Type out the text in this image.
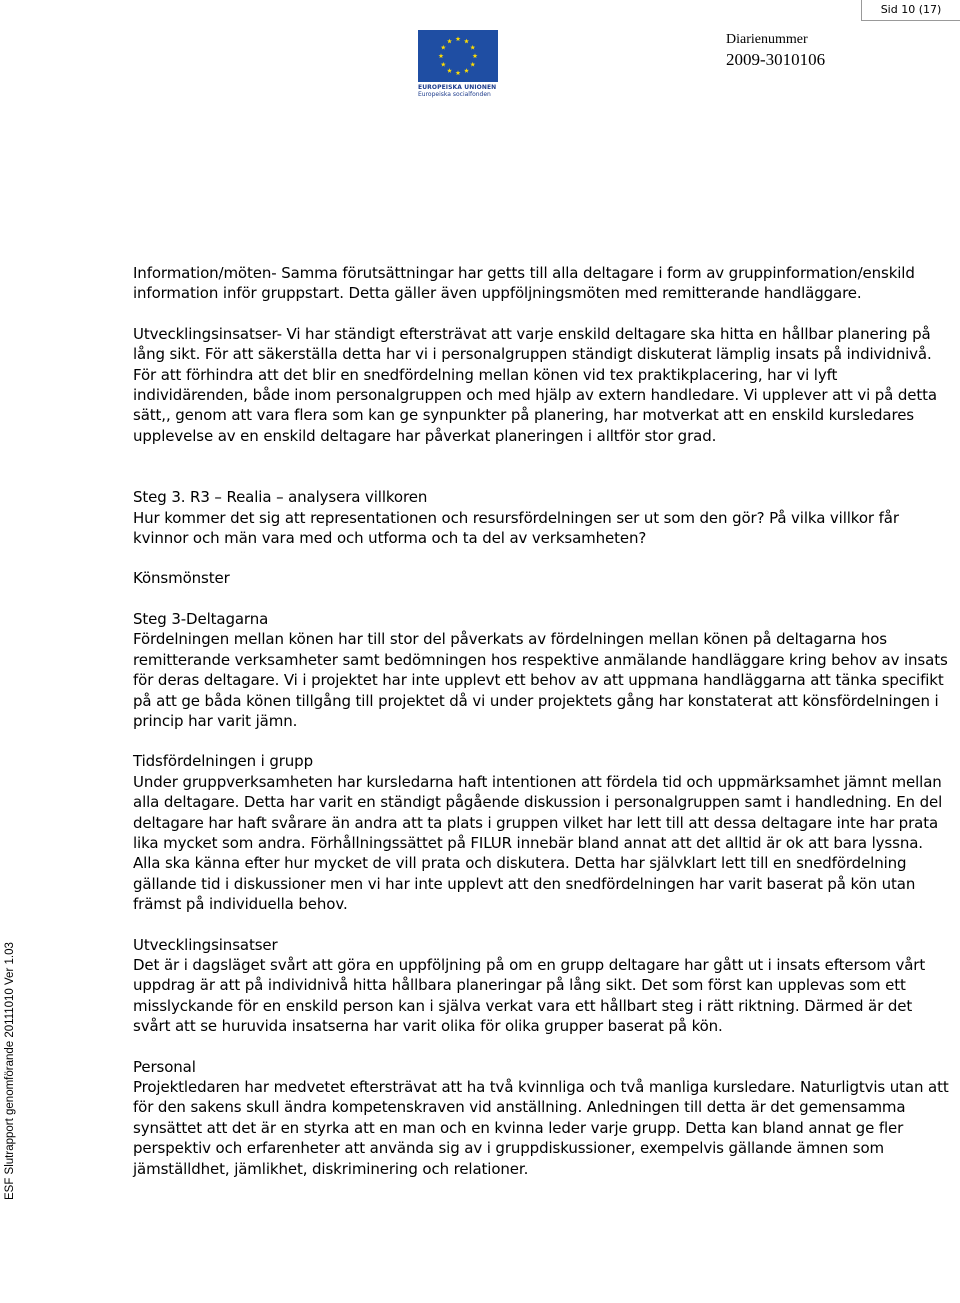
Sid 10 (17)
EUROPEISKA UNIONEN
Europeiska socialfonden
Diarienummer
2009-3010106
ESF Slutrapport genomförande 20111010 Ver 1.03

Information/möten- Samma förutsättningar har getts till alla deltagare i form av gruppinformation/enskild information inför gruppstart. Detta gäller även uppföljningsmöten med remitterande handläggare.

Utvecklingsinsatser- Vi har ständigt eftersträvat att varje enskild deltagare ska hitta en hållbar planering på lång sikt. För att säkerställa detta har vi i personalgruppen ständigt diskuterat lämplig insats på individnivå. För att förhindra att det blir en snedfördelning mellan könen vid tex praktikplacering, har vi lyft individärenden, både inom personalgruppen och med hjälp av extern handledare. Vi upplever att vi på detta sätt,, genom att vara flera som kan ge synpunkter på planering, har motverkat att en enskild kursledares upplevelse av en enskild deltagare har påverkat planeringen i alltför stor grad.

Steg 3. R3 – Realia – analysera villkoren

Hur kommer det sig att representationen och resursfördelningen ser ut som den gör? På vilka villkor får kvinnor och män vara med och utforma och ta del av verksamheten?

Könsmönster

Steg 3-Deltagarna

Fördelningen mellan könen har till stor del påverkats av fördelningen mellan könen på deltagarna hos remitterande verksamheter samt bedömningen hos respektive anmälande handläggare kring behov av insats för deras deltagare. Vi i projektet har inte upplevt ett behov av att uppmana handläggarna att tänka specifikt på att ge båda könen tillgång till projektet då vi under projektets gång har konstaterat att könsfördelningen i princip har varit jämn.

Tidsfördelningen i grupp

Under gruppverksamheten har kursledarna haft intentionen att fördela tid och uppmärksamhet jämnt mellan alla deltagare. Detta har varit en ständigt pågående diskussion i personalgruppen samt i handledning. En del deltagare har haft svårare än andra att ta plats i gruppen vilket har lett till att dessa deltagare inte har prata lika mycket som andra. Förhållningssättet på FILUR innebär bland annat att det alltid är ok att bara lyssna. Alla ska känna efter hur mycket de vill prata och diskutera. Detta har självklart lett till en snedfördelning gällande tid i diskussioner men vi har inte upplevt att den snedfördelningen har varit baserat på kön utan främst på individuella behov.

Utvecklingsinsatser

Det är i dagsläget svårt att göra en uppföljning på om en grupp deltagare har gått ut i insats eftersom vårt uppdrag är att på individnivå hitta hållbara planeringar på lång sikt. Det som först kan upplevas som ett misslyckande för en enskild person kan i själva verkat vara ett hållbart steg i rätt riktning. Därmed är det svårt att se huruvida insatserna har varit olika för olika grupper baserat på kön.

Personal

Projektledaren har medvetet eftersträvat att ha två kvinnliga och två manliga kursledare. Naturligtvis utan att för den sakens skull ändra kompetenskraven vid anställning. Anledningen till detta är det gemensamma synsättet att det är en styrka att en man och en kvinna leder varje grupp. Detta kan bland annat ge fler perspektiv och erfarenheter att använda sig av i gruppdiskussioner, exempelvis gällande ämnen som jämställdhet, jämlikhet, diskriminering och relationer.
